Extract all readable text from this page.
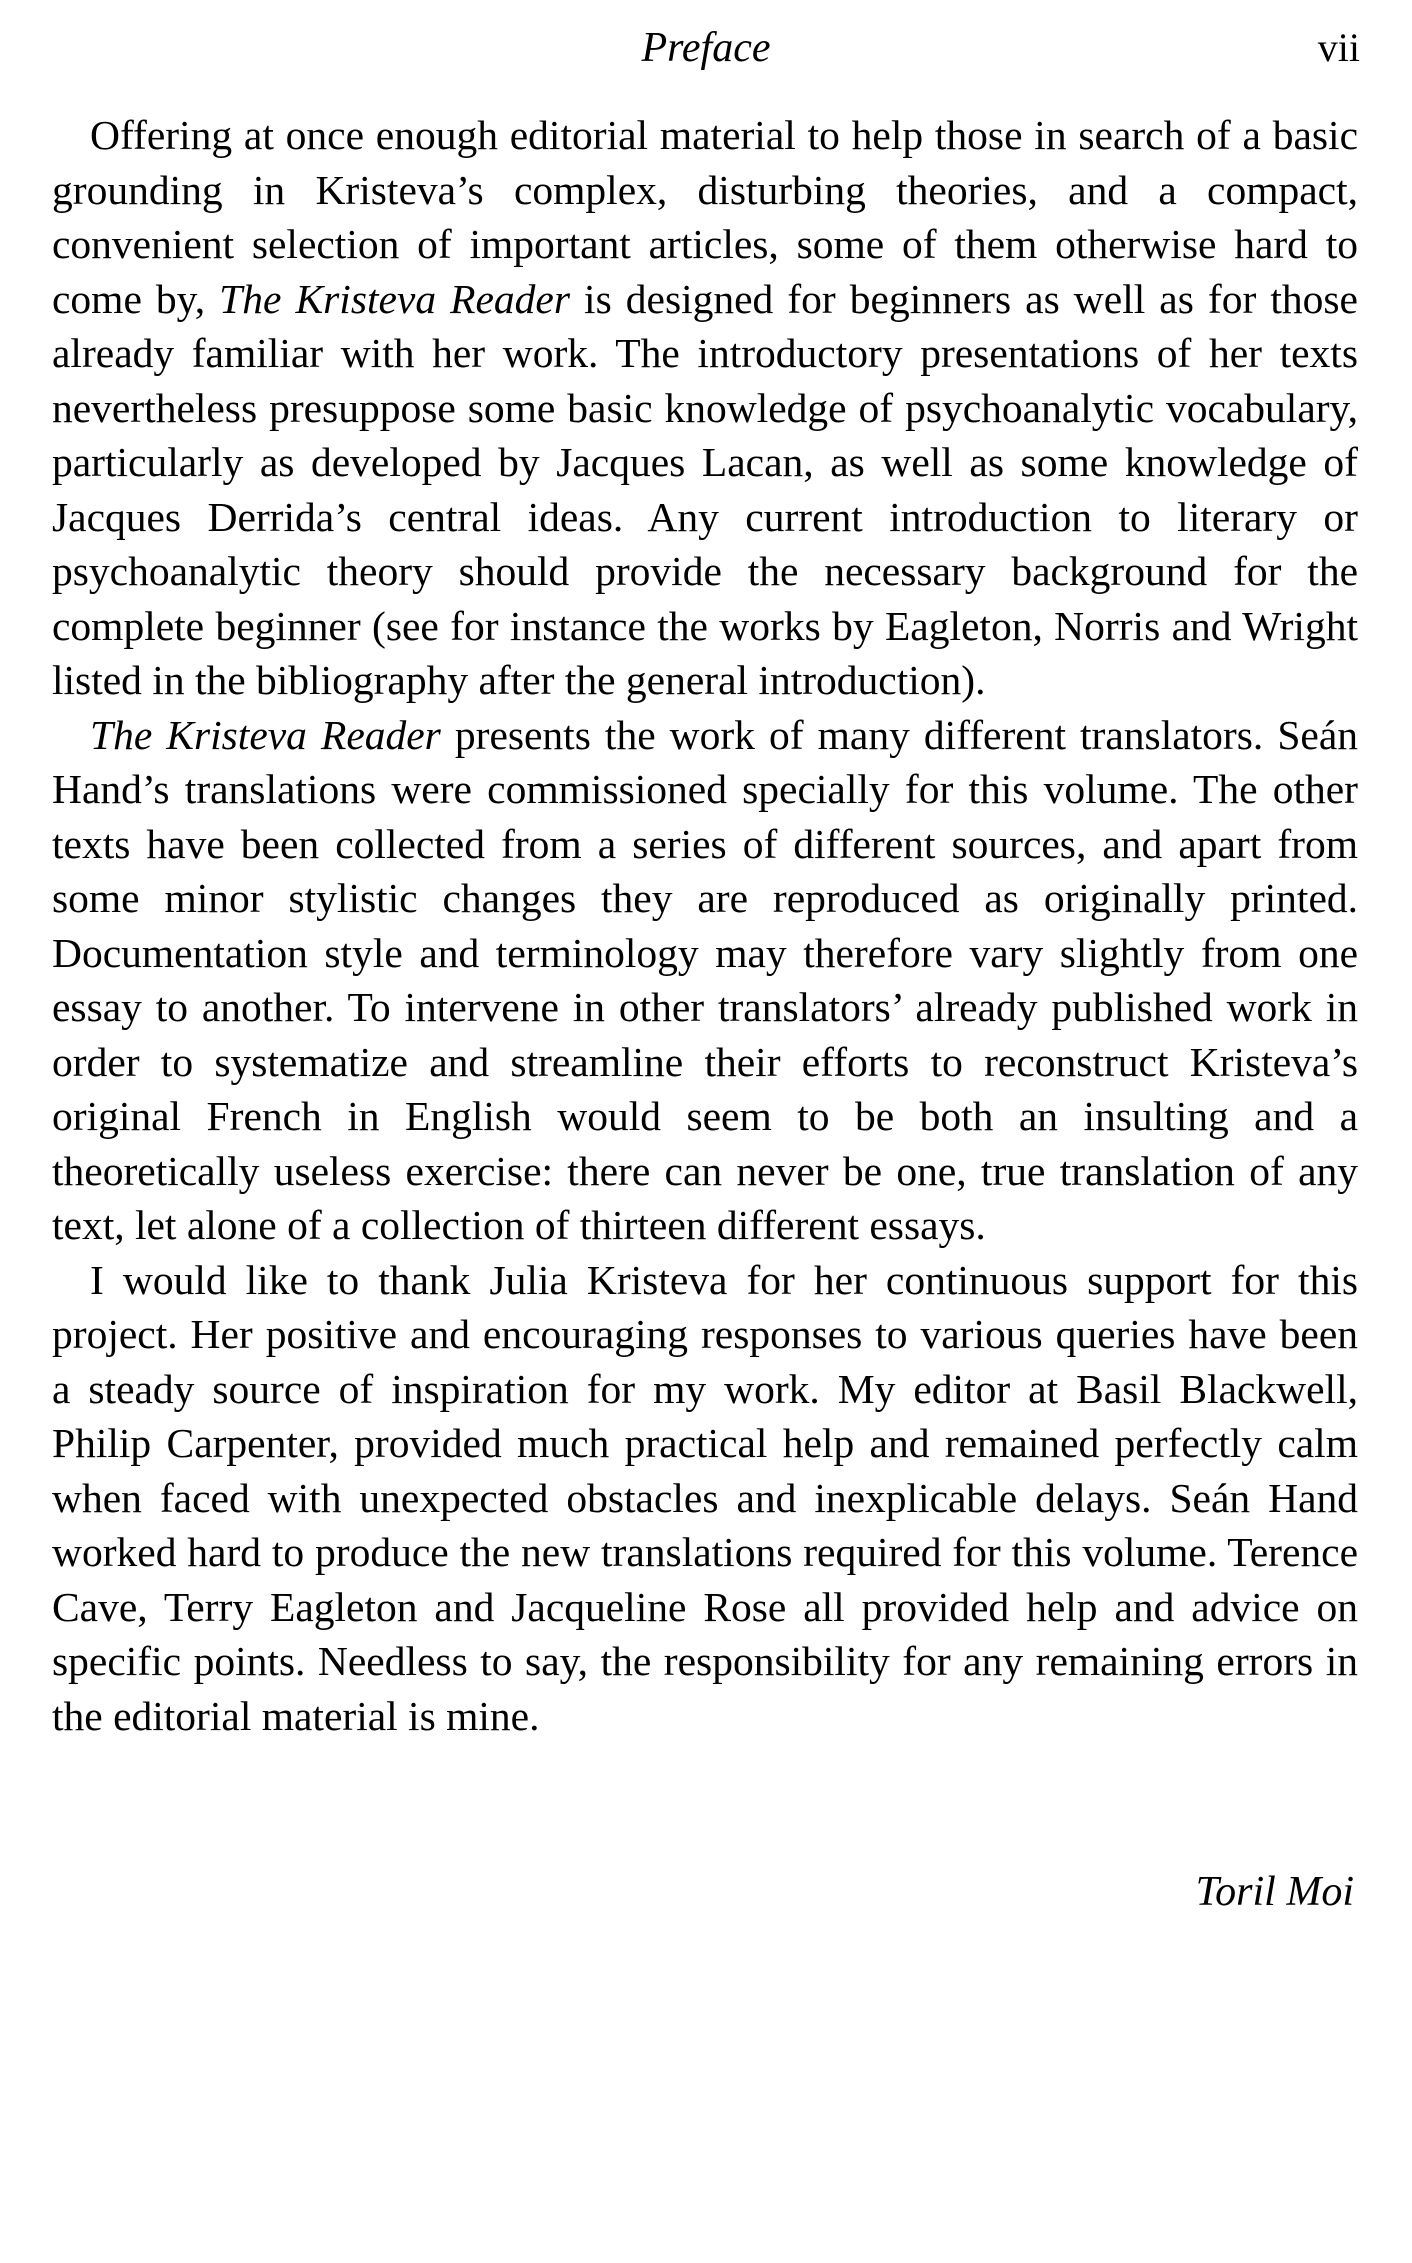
Preface	vii

Offering at once enough editorial material to help those in search of a basic grounding in Kristeva’s complex, disturbing theories, and a compact, convenient selection of important articles, some of them otherwise hard to come by, The Kristeva Reader is designed for beginners as well as for those already familiar with her work. The introductory presentations of her texts nevertheless presuppose some basic knowledge of psychoanalytic vocabulary, particularly as developed by Jacques Lacan, as well as some knowledge of Jacques Derrida’s central ideas. Any current introduction to literary or psychoanalytic theory should provide the necessary background for the complete beginner (see for instance the works by Eagleton, Norris and Wright listed in the bibliography after the general introduction).

The Kristeva Reader presents the work of many different translators. Seán Hand’s translations were commissioned specially for this volume. The other texts have been collected from a series of different sources, and apart from some minor stylistic changes they are reproduced as originally printed. Documentation style and terminology may therefore vary slightly from one essay to another. To intervene in other translators’ already published work in order to systematize and streamline their efforts to reconstruct Kristeva’s original French in English would seem to be both an insulting and a theoretically useless exercise: there can never be one, true translation of any text, let alone of a collection of thirteen different essays.

I would like to thank Julia Kristeva for her continuous support for this project. Her positive and encouraging responses to various queries have been a steady source of inspiration for my work. My editor at Basil Blackwell, Philip Carpenter, provided much practical help and remained perfectly calm when faced with unexpected obstacles and inexplicable delays. Seán Hand worked hard to produce the new translations required for this volume. Terence Cave, Terry Eagleton and Jacqueline Rose all provided help and advice on specific points. Needless to say, the responsibility for any remaining errors in the editorial material is mine.

Toril Moi
